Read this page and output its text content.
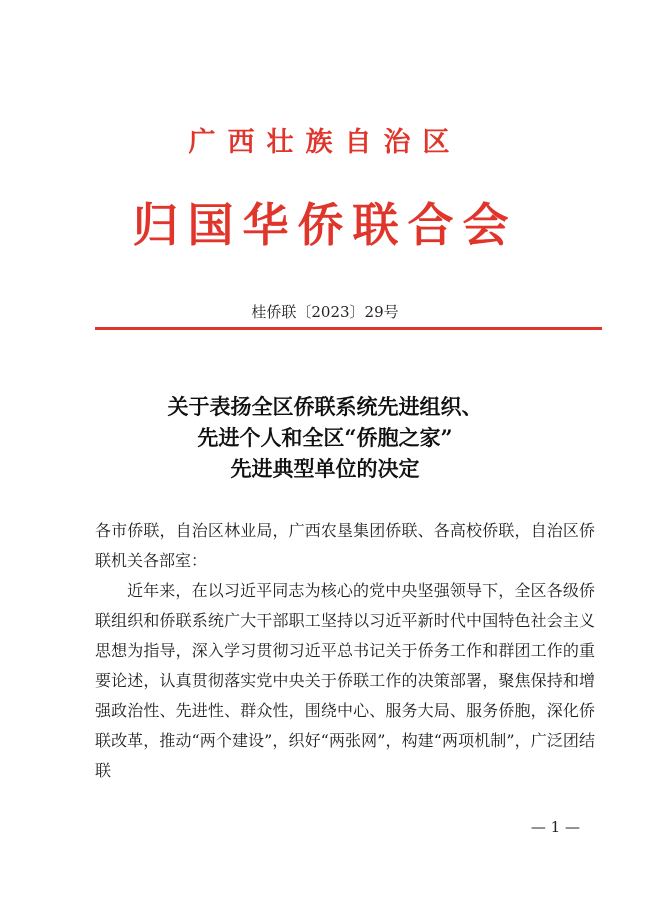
广西壮族自治区
归国华侨联合会
桂侨联〔2023〕29号
关于表扬全区侨联系统先进组织、
先进个人和全区“侨胞之家”
先进典型单位的决定

各市侨联，自治区林业局，广西农垦集团侨联、各高校侨联，自治区侨联机关各部室：

近年来，在以习近平同志为核心的党中央坚强领导下，全区各级侨联组织和侨联系统广大干部职工坚持以习近平新时代中国特色社会主义思想为指导，深入学习贯彻习近平总书记关于侨务工作和群团工作的重要论述，认真贯彻落实党中央关于侨联工作的决策部署，聚焦保持和增强政治性、先进性、群众性，围绕中心、服务大局、服务侨胞，深化侨联改革，推动“两个建设”，织好“两张网”，构建“两项机制”，广泛团结联

— 1 —
